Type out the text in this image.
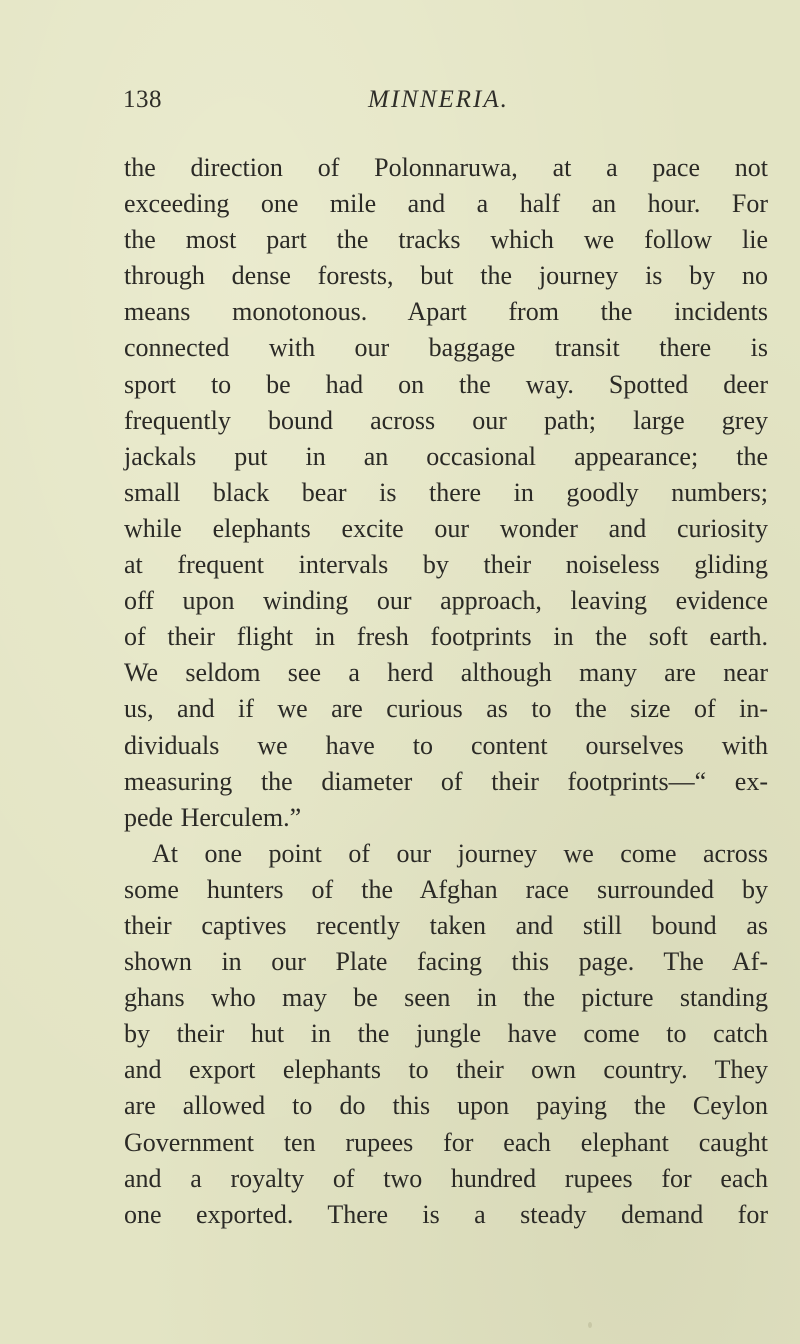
138	MINNERIA.
the direction of Polonnaruwa, at a pace not
exceeding one mile and a half an hour. For
the most part the tracks which we follow lie
through dense forests, but the journey is by no
means monotonous. Apart from the incidents
connected with our baggage transit there is
sport to be had on the way. Spotted deer
frequently bound across our path; large grey
jackals put in an occasional appearance; the
small black bear is there in goodly numbers;
while elephants excite our wonder and curiosity
at frequent intervals by their noiseless gliding
off upon winding our approach, leaving evidence
of their flight in fresh footprints in the soft earth.
We seldom see a herd although many are near
us, and if we are curious as to the size of in-
dividuals we have to content ourselves with
measuring the diameter of their footprints—“ ex-
pede Herculem.”
At one point of our journey we come across
some hunters of the Afghan race surrounded by
their captives recently taken and still bound as
shown in our Plate facing this page. The Af-
ghans who may be seen in the picture standing
by their hut in the jungle have come to catch
and export elephants to their own country. They
are allowed to do this upon paying the Ceylon
Government ten rupees for each elephant caught
and a royalty of two hundred rupees for each
one exported. There is a steady demand for
